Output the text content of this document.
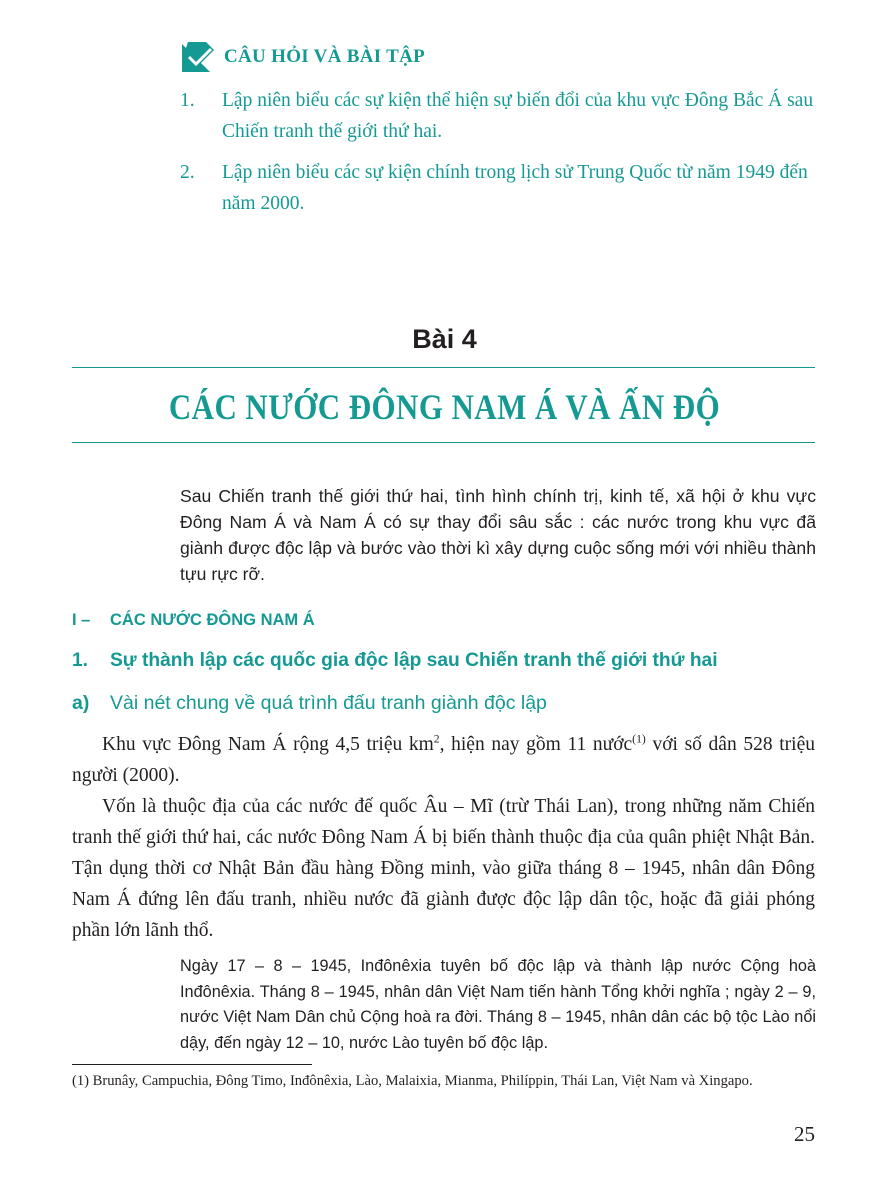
CÂU HỎI VÀ BÀI TẬP
1.	Lập niên biểu các sự kiện thể hiện sự biến đổi của khu vực Đông Bắc Á sau Chiến tranh thế giới thứ hai.
2.	Lập niên biểu các sự kiện chính trong lịch sử Trung Quốc từ năm 1949 đến năm 2000.
Bài 4
CÁC NƯỚC ĐÔNG NAM Á VÀ ẤN ĐỘ
Sau Chiến tranh thế giới thứ hai, tình hình chính trị, kinh tế, xã hội ở khu vực Đông Nam Á và Nam Á có sự thay đổi sâu sắc : các nước trong khu vực đã giành được độc lập và bước vào thời kì xây dựng cuộc sống mới với nhiều thành tựu rực rỡ.
I –	CÁC NƯỚC ĐÔNG NAM Á
1.	Sự thành lập các quốc gia độc lập sau Chiến tranh thế giới thứ hai
a)	Vài nét chung về quá trình đấu tranh giành độc lập

Khu vực Đông Nam Á rộng 4,5 triệu $km^2$, hiện nay gồm 11 nước$^{(1)}$ với số dân 528 triệu người (2000).

Vốn là thuộc địa của các nước đế quốc Âu – Mĩ (trừ Thái Lan), trong những năm Chiến tranh thế giới thứ hai, các nước Đông Nam Á bị biến thành thuộc địa của quân phiệt Nhật Bản. Tận dụng thời cơ Nhật Bản đầu hàng Đồng minh, vào giữa tháng 8 – 1945, nhân dân Đông Nam Á đứng lên đấu tranh, nhiều nước đã giành được độc lập dân tộc, hoặc đã giải phóng phần lớn lãnh thổ.

Ngày 17 – 8 – 1945, Inđônêxia tuyên bố độc lập và thành lập nước Cộng hoà Inđônêxia. Tháng 8 – 1945, nhân dân Việt Nam tiến hành Tổng khởi nghĩa ; ngày 2 – 9, nước Việt Nam Dân chủ Cộng hoà ra đời. Tháng 8 – 1945, nhân dân các bộ tộc Lào nổi dậy, đến ngày 12 – 10, nước Lào tuyên bố độc lập.
(1) Brunây, Campuchia, Đông Timo, Inđônêxia, Lào, Malaixia, Mianma, Philíppin, Thái Lan, Việt Nam và Xingapo.
25
